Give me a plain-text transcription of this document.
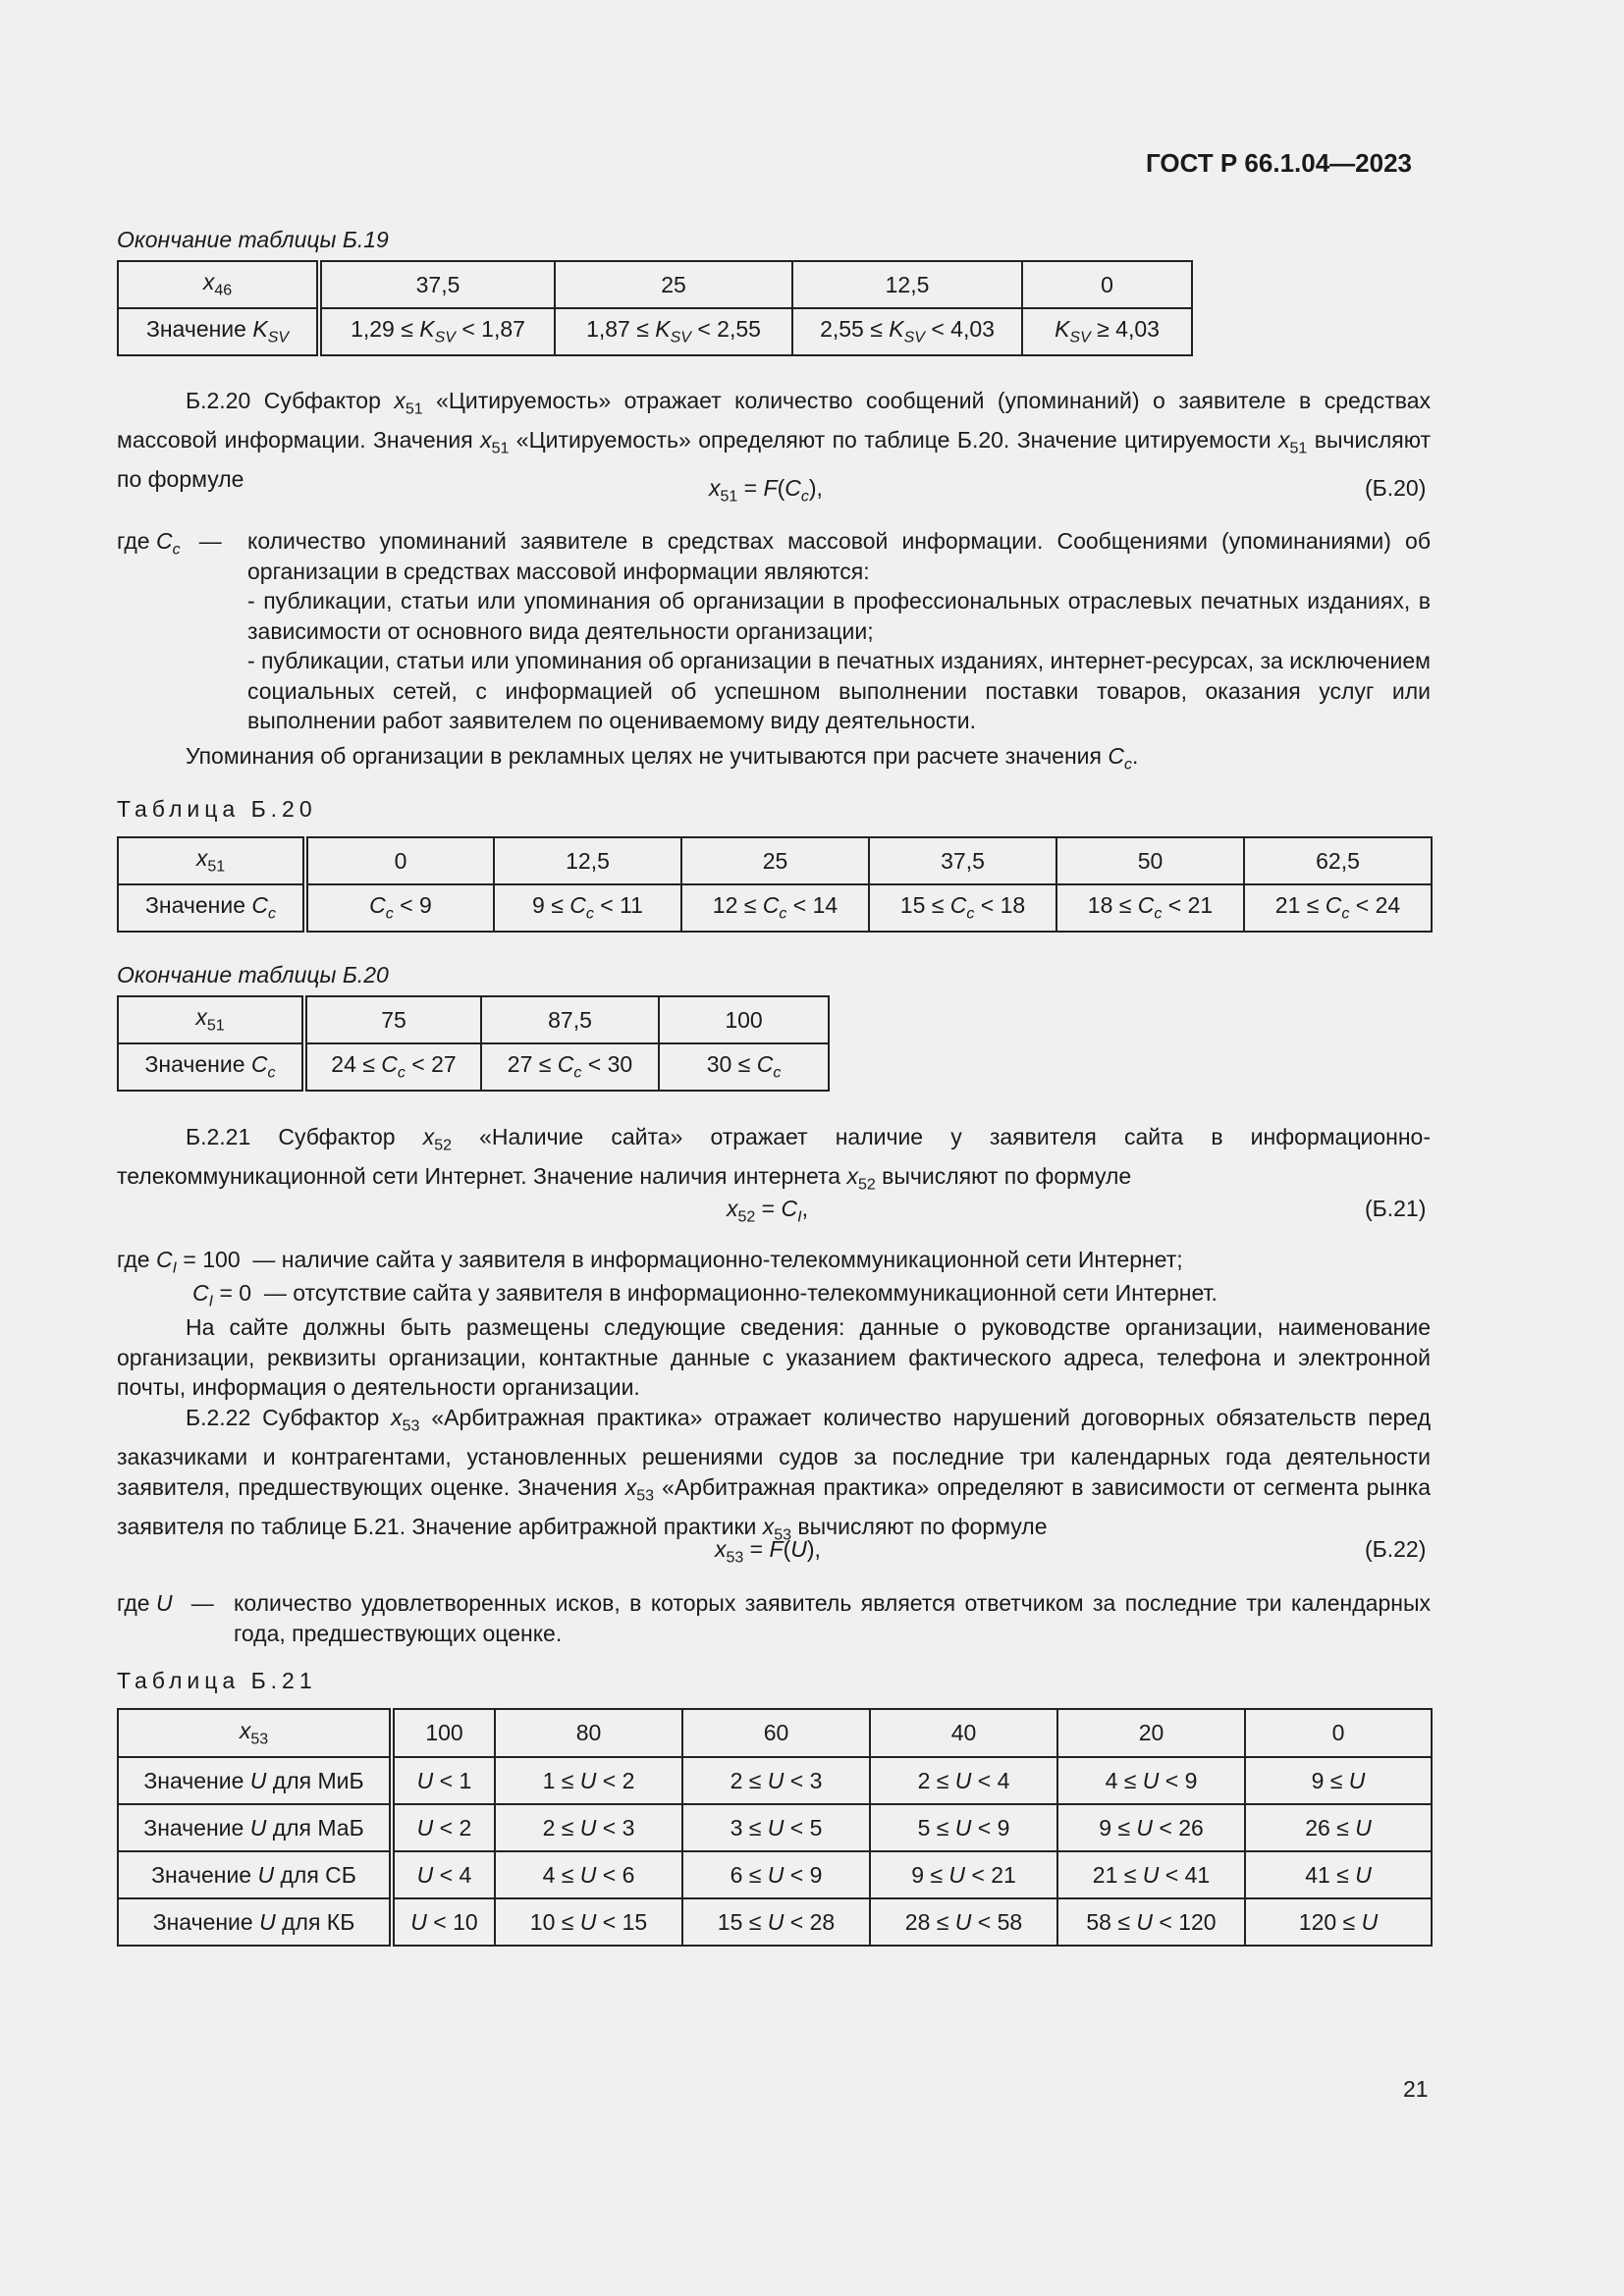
ГОСТ Р 66.1.04—2023
Окончание таблицы Б.19
$x_{46}$	37,5	25	12,5	0
Значение $K_{SV}$	$1,29 \le K_{SV} < 1,87$	$1,87 \le K_{SV} < 2,55$	$2,55 \le K_{SV} < 4,03$	$K_{SV} \ge 4,03$
Б.2.20 Субфактор $x_{51}$ «Цитируемость» отражает количество сообщений (упоминаний) о заявителе в средствах массовой информации. Значения $x_{51}$ «Цитируемость» определяют по таблице Б.20. Значение цитируемости $x_{51}$ вычисляют по формуле	$x_{51} = F(C_c)$,	(Б.20)
где $C_c$   — количество упоминаний заявителе в средствах массовой информации. Сообщениями (упоминаниями) об организации в средствах массовой информации являются:
- публикации, статьи или упоминания об организации в профессиональных отраслевых печатных изданиях, в зависимости от основного вида деятельности организации;
- публикации, статьи или упоминания об организации в печатных изданиях, интернет-ресурсах, за исключением социальных сетей, с информацией об успешном выполнении поставки товаров, оказания услуг или выполнении работ заявителем по оцениваемому виду деятельности.
Упоминания об организации в рекламных целях не учитываются при расчете значения $C_c$.
Таблица Б.20
$x_{51}$	0	12,5	25	37,5	50	62,5
Значение $C_c$	$C_c < 9$	$9 \le C_c < 11$	$12 \le C_c < 14$	$15 \le C_c < 18$	$18 \le C_c < 21$	$21 \le C_c < 24$
Окончание таблицы Б.20
$x_{51}$	75	87,5	100
Значение $C_c$	$24 \le C_c < 27$	$27 \le C_c < 30$	$30 \le C_c$
Б.2.21 Субфактор $x_{52}$ «Наличие сайта» отражает наличие у заявителя сайта в информационно-телекоммуникационной сети Интернет. Значение наличия интернета $x_{52}$ вычисляют по формуле
$x_{52} = C_I$,	(Б.21)
где $C_I = 100$  — наличие сайта у заявителя в информационно-телекоммуникационной сети Интернет;
$C_I = 0$  — отсутствие сайта у заявителя в информационно-телекоммуникационной сети Интернет.
На сайте должны быть размещены следующие сведения: данные о руководстве организации, наименование организации, реквизиты организации, контактные данные с указанием фактического адреса, телефона и электронной почты, информация о деятельности организации.
Б.2.22 Субфактор $x_{53}$ «Арбитражная практика» отражает количество нарушений договорных обязательств перед заказчиками и контрагентами, установленных решениями судов за последние три календарных года деятельности заявителя, предшествующих оценке. Значения $x_{53}$ «Арбитражная практика» определяют в зависимости от сегмента рынка заявителя по таблице Б.21. Значение арбитражной практики $x_{53}$ вычисляют по формуле
$x_{53} = F(U)$,	(Б.22)
где U   — количество удовлетворенных исков, в которых заявитель является ответчиком за последние три календарных года, предшествующих оценке.
Таблица Б.21
$x_{53}$	100	80	60	40	20	0
Значение U для МиБ	U < 1	1 ≤ U < 2	2 ≤ U < 3	2 ≤ U < 4	4 ≤ U < 9	9 ≤ U
Значение U для МаБ	U < 2	2 ≤ U < 3	3 ≤ U < 5	5 ≤ U < 9	9 ≤ U < 26	26 ≤ U
Значение U для СБ	U < 4	4 ≤ U < 6	6 ≤ U < 9	9 ≤ U < 21	21 ≤ U < 41	41 ≤ U
Значение U для КБ	U < 10	10 ≤ U < 15	15 ≤ U < 28	28 ≤ U < 58	58 ≤ U < 120	120 ≤ U
21
